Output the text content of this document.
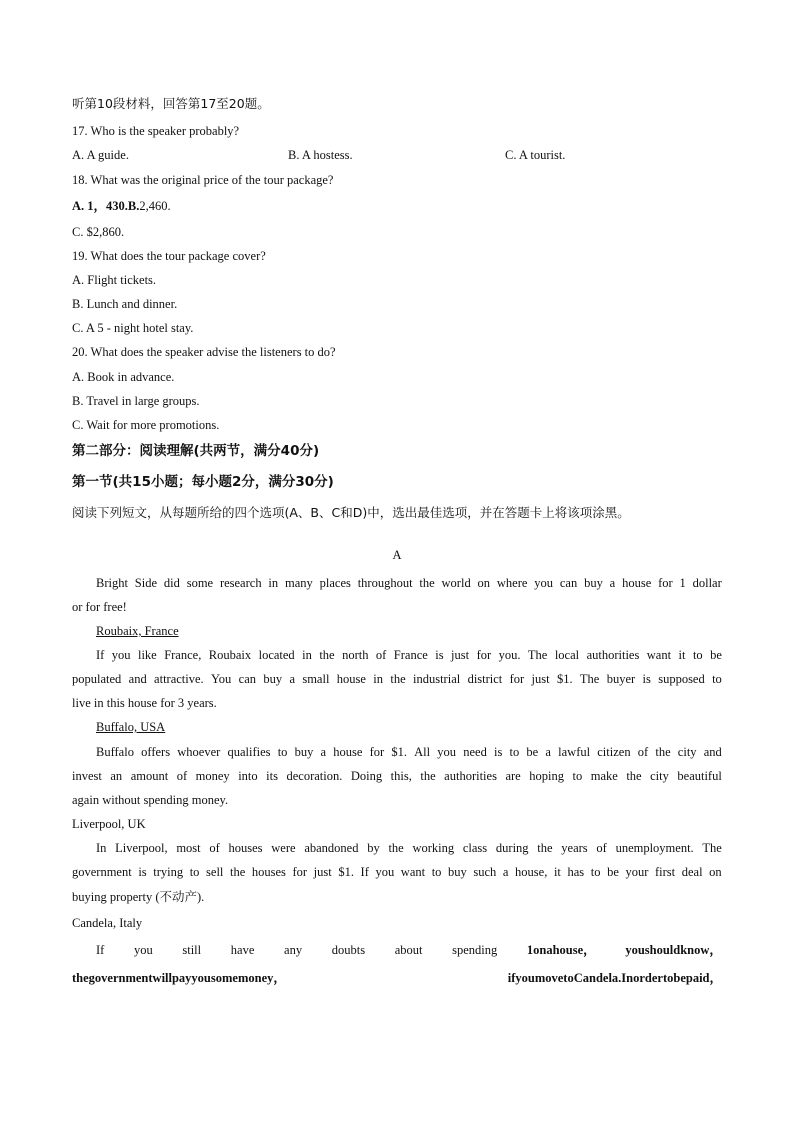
听第10段材料，回答第17至20题。
17. Who is the speaker probably?
A. A guide.	B. A hostess.	C. A tourist.
18. What was the original price of the tour package?
A. 1，430.B.2,460.
C. $2,860.
19. What does the tour package cover?
A. Flight tickets.
B. Lunch and dinner.
C. A 5 - night hotel stay.
20. What does the speaker advise the listeners to do?
A. Book in advance.
B. Travel in large groups.
C. Wait for more promotions.
第二部分：阅读理解(共两节，满分40分)
第一节(共15小题；每小题2分，满分30分)
阅读下列短文，从每题所给的四个选项(A、B、C和D)中，选出最佳选项，并在答题卡上将该项涂黑。
A
Bright Side did some research in many places throughout the world on where you can buy a house for 1 dollar
or for free!
Roubaix, France
If you like France, Roubaix located in the north of France is just for you. The local authorities want it to be
populated and attractive. You can buy a small house in the industrial district for just $1. The buyer is supposed to
live in this house for 3 years.
Buffalo, USA
Buffalo offers whoever qualifies to buy a house for $1. All you need is to be a lawful citizen of the city and
invest an amount of money into its decoration. Doing this, the authorities are hoping to make the city beautiful
again without spending money.
Liverpool, UK
In Liverpool, most of houses were abandoned by the working class during the years of unemployment. The
government is trying to sell the houses for just $1. If you want to buy such a house, it has to be your first deal on
buying property (不动产).
Candela, Italy
If you still have any doubts about spending 1onahouse， youshouldknow，
thegovernmentwillpayyousomemoney，	ifyoumovetoCandela.Inordertobepaid，
